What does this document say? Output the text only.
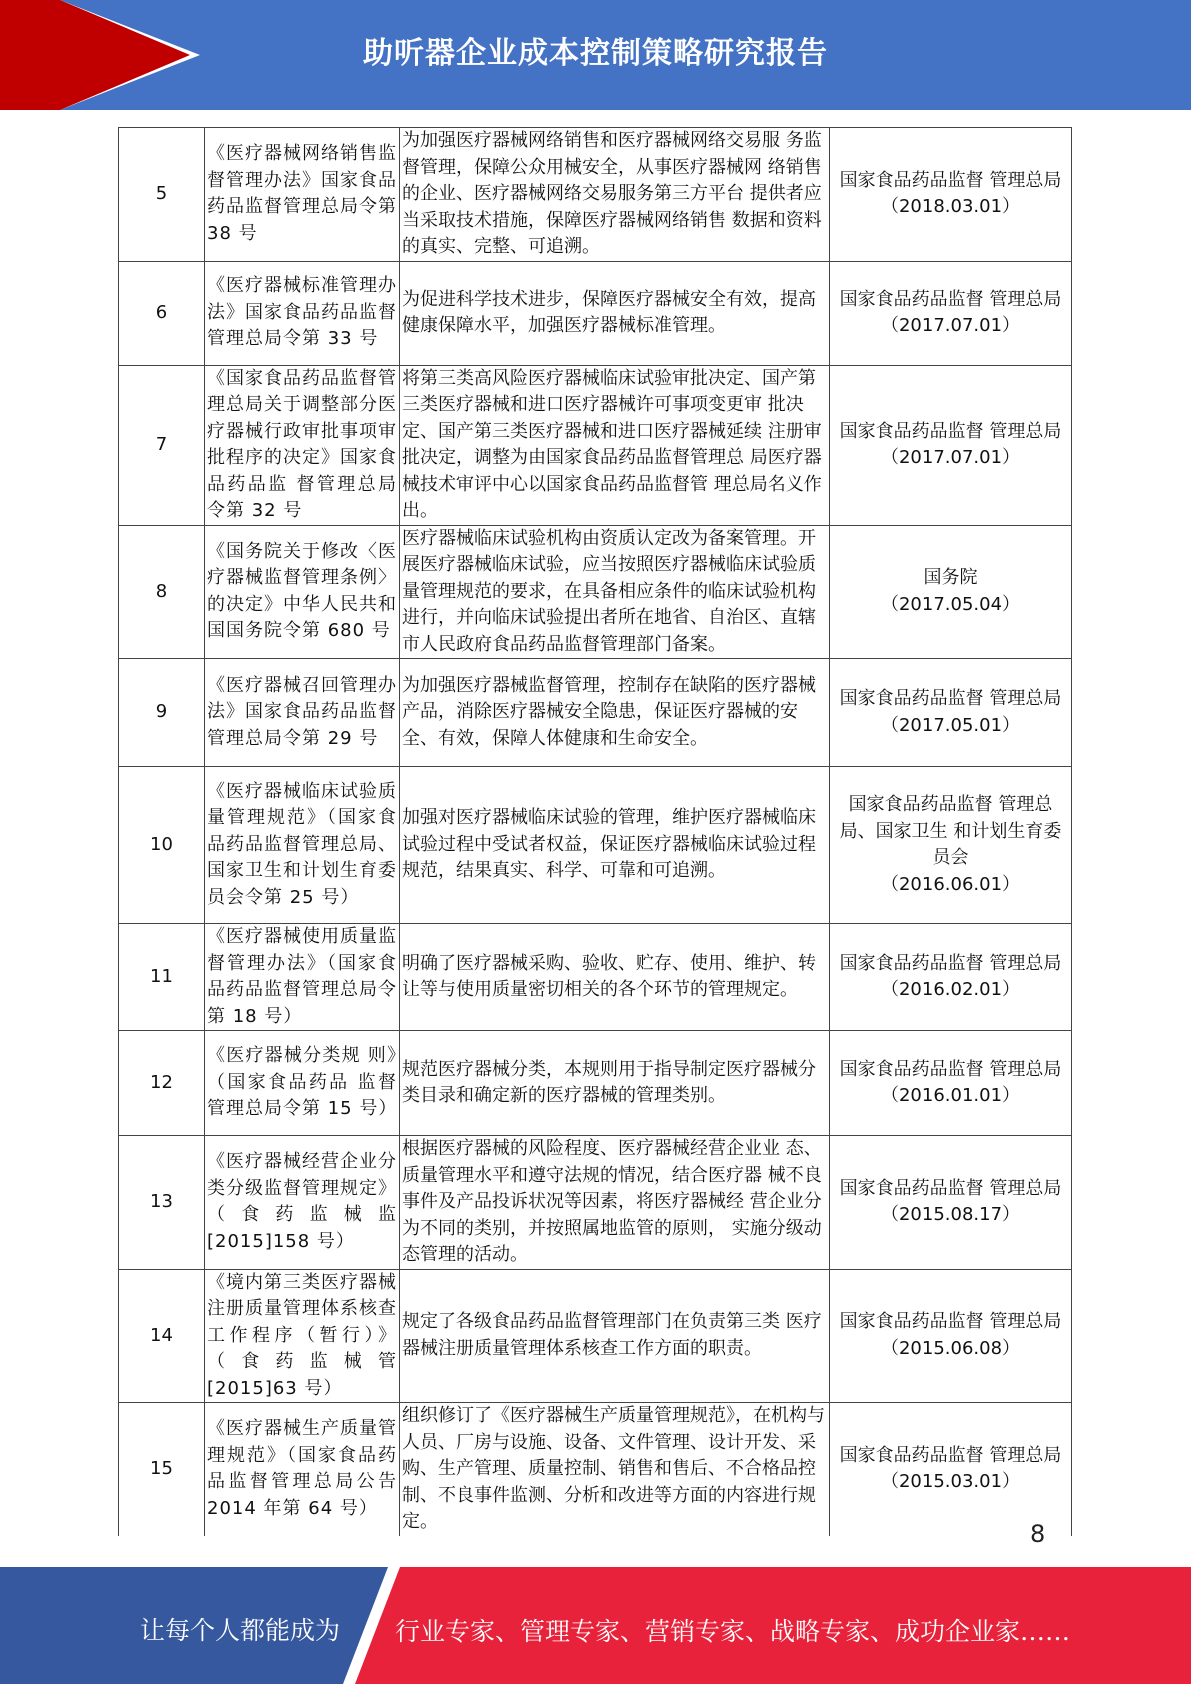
助听器企业成本控制策略研究报告
5	《医疗器械网络销售监督管理办法》国家食品药品监督管理总局令第 38 号	为加强医疗器械网络销售和医疗器械网络交易服 务监督管理，保障公众用械安全，从事医疗器械网 络销售的企业、医疗器械网络交易服务第三方平台 提供者应当采取技术措施，保障医疗器械网络销售 数据和资料的真实、完整、可追溯。	国家食品药品监督 管理总局
（2018.03.01）

6	《医疗器械标准管理办法》国家食品药品监督管理总局令第 33 号	为促进科学技术进步，保障医疗器械安全有效，提高健康保障水平，加强医疗器械标准管理。	国家食品药品监督 管理总局
（2017.07.01）

7	《国家食品药品监督管理总局关于调整部分医疗器械行政审批事项审批程序的决定》国家食品药品监 督管理总局令第 32 号	将第三类高风险医疗器械临床试验审批决定、国产第三类医疗器械和进口医疗器械许可事项变更审 批决定、国产第三类医疗器械和进口医疗器械延续 注册审批决定，调整为由国家食品药品监督管理总 局医疗器械技术审评中心以国家食品药品监督管 理总局名义作出。	国家食品药品监督 管理总局
（2017.07.01）

8	《国务院关于修改〈医疗器械监督管理条例〉的决定》中华人民共和国国务院令第 680 号	医疗器械临床试验机构由资质认定改为备案管理。开展医疗器械临床试验，应当按照医疗器械临床试验质量管理规范的要求，在具备相应条件的临床试验机构进行，并向临床试验提出者所在地省、自治区、直辖市人民政府食品药品监督管理部门备案。	国务院
（2017.05.04）

9	《医疗器械召回管理办法》国家食品药品监督管理总局令第 29 号	为加强医疗器械监督管理，控制存在缺陷的医疗器械产品，消除医疗器械安全隐患，保证医疗器械的安全、有效，保障人体健康和生命安全。	国家食品药品监督 管理总局
（2017.05.01）

10	《医疗器械临床试验质量管理规范》（国家食品药品监督管理总局、国家卫生和计划生育委员会令第 25 号）	加强对医疗器械临床试验的管理，维护医疗器械临床试验过程中受试者权益，保证医疗器械临床试验过程规范，结果真实、科学、可靠和可追溯。	国家食品药品监督 管理总局、国家卫生 和计划生育委员会
（2016.06.01）

11	《医疗器械使用质量监督管理办法》（国家食品药品监督管理总局令第 18 号）	明确了医疗器械采购、验收、贮存、使用、维护、转让等与使用质量密切相关的各个环节的管理规定。	国家食品药品监督 管理总局
（2016.02.01）

12	《医疗器械分类规 则》（国家食品药品 监督管理总局令第 15 号）	规范医疗器械分类，本规则用于指导制定医疗器械分类目录和确定新的医疗器械的管理类别。	国家食品药品监督 管理总局
（2016.01.01）

13	《医疗器械经营企业分类分级监督管理规定》（食药监械监[2015]158 号）	根据医疗器械的风险程度、医疗器械经营企业业 态、质量管理水平和遵守法规的情况，结合医疗器 械不良事件及产品投诉状况等因素，将医疗器械经 营企业分为不同的类别，并按照属地监管的原则， 实施分级动态管理的活动。	国家食品药品监督 管理总局
（2015.08.17）

14	《境内第三类医疗器械注册质量管理体系核查工作程序（暂行）》（食药监械管[2015]63 号）	规定了各级食品药品监督管理部门在负责第三类 医疗器械注册质量管理体系核查工作方面的职责。	国家食品药品监督 管理总局
（2015.06.08）

15	《医疗器械生产质量管理规范》（国家食品药品监督管理总局公告 2014 年第 64 号）	组织修订了《医疗器械生产质量管理规范》，在机构与人员、厂房与设施、设备、文件管理、设计开发、采购、生产管理、质量控制、销售和售后、不合格品控制、不良事件监测、分析和改进等方面的内容进行规定。	国家食品药品监督 管理总局
（2015.03.01）
8
让每个人都能成为 行业专家、管理专家、营销专家、战略专家、成功企业家……
